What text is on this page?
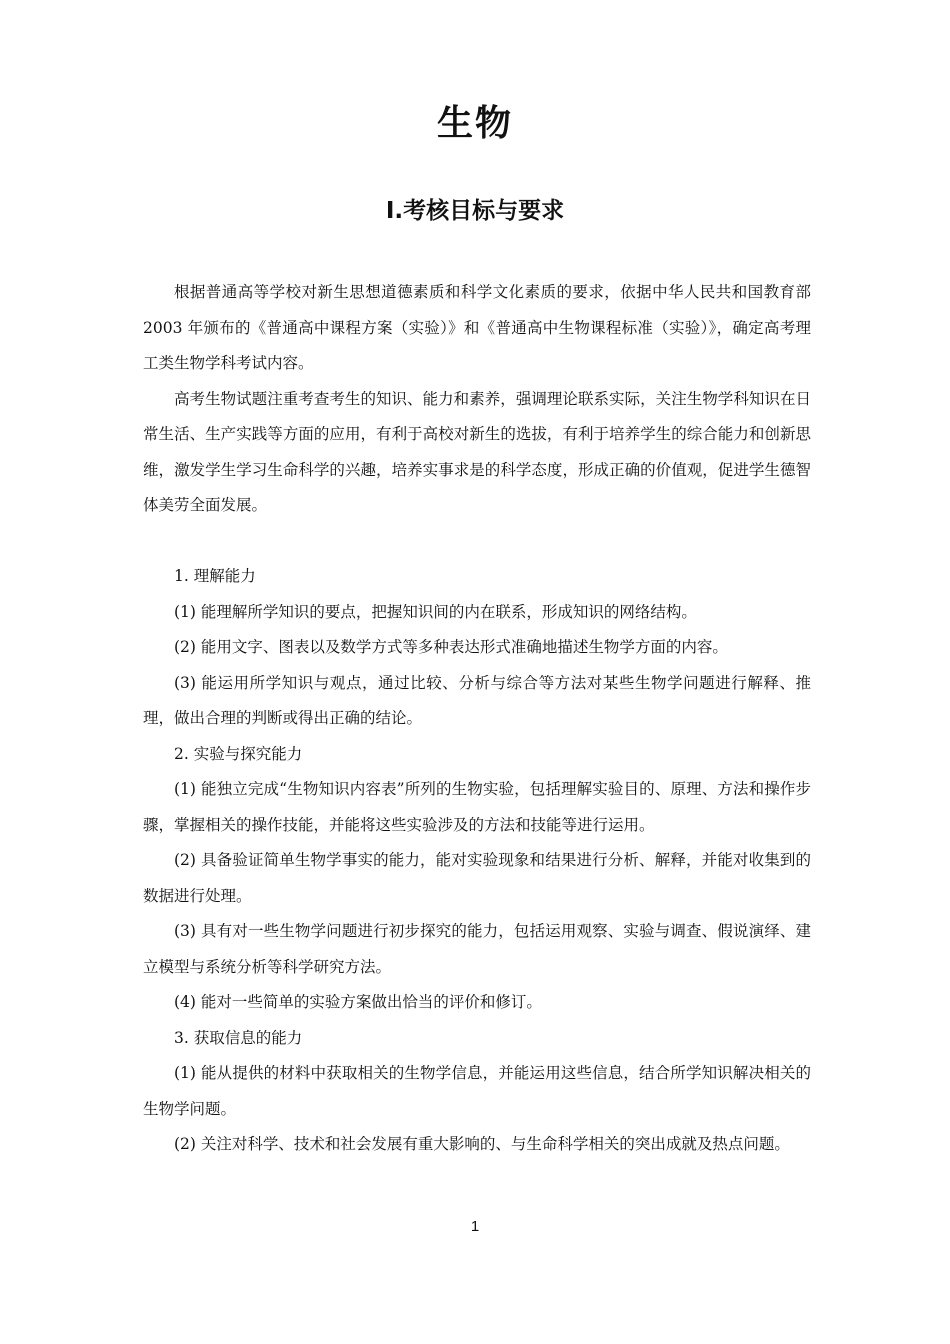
生物
Ⅰ.考核目标与要求

根据普通高等学校对新生思想道德素质和科学文化素质的要求，依据中华人民共和国教育部 2003 年颁布的《普通高中课程方案（实验）》和《普通高中生物课程标准（实验）》，确定高考理工类生物学科考试内容。

高考生物试题注重考查考生的知识、能力和素养，强调理论联系实际，关注生物学科知识在日常生活、生产实践等方面的应用，有利于高校对新生的选拔，有利于培养学生的综合能力和创新思维，激发学生学习生命科学的兴趣，培养实事求是的科学态度，形成正确的价值观，促进学生德智体美劳全面发展。

1. 理解能力

(1) 能理解所学知识的要点，把握知识间的内在联系，形成知识的网络结构。

(2) 能用文字、图表以及数学方式等多种表达形式准确地描述生物学方面的内容。

(3) 能运用所学知识与观点，通过比较、分析与综合等方法对某些生物学问题进行解释、推理，做出合理的判断或得出正确的结论。

2. 实验与探究能力

(1) 能独立完成“生物知识内容表”所列的生物实验，包括理解实验目的、原理、方法和操作步骤，掌握相关的操作技能，并能将这些实验涉及的方法和技能等进行运用。

(2) 具备验证简单生物学事实的能力，能对实验现象和结果进行分析、解释，并能对收集到的数据进行处理。

(3) 具有对一些生物学问题进行初步探究的能力，包括运用观察、实验与调查、假说演绎、建立模型与系统分析等科学研究方法。

(4) 能对一些简单的实验方案做出恰当的评价和修订。

3. 获取信息的能力

(1) 能从提供的材料中获取相关的生物学信息，并能运用这些信息，结合所学知识解决相关的生物学问题。

(2) 关注对科学、技术和社会发展有重大影响的、与生命科学相关的突出成就及热点问题。

1
